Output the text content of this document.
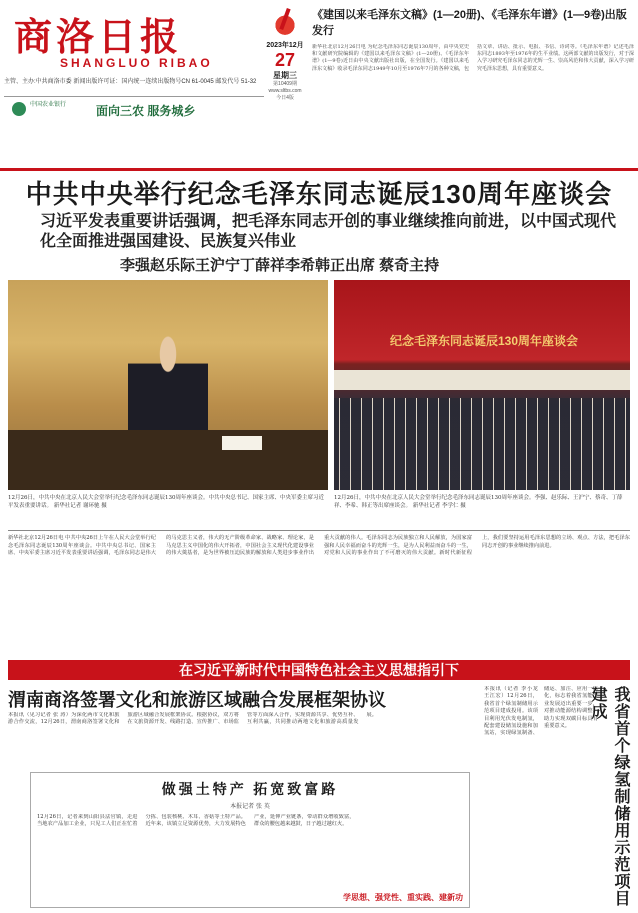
商洛日报
SHANGLUO RIBAO
主管、主办:中共商洛市委 新闻出版许可证：国内统一连续出版物号CN 61-0045 邮发代号 51-32
中国农业银行	面向三农 服务城乡
2023年12月
27
星期三
第10409期
www.sltbs.com
今日4版
《建国以来毛泽东文稿》(1—20册)、《毛泽东年谱》(1—9卷)出版发行
新华社北京12月26日电 为纪念毛泽东同志诞辰130周年，由中央党史和文献研究院编辑的《建国以来毛泽东文稿》(1—20册)、《毛泽东年谱》(1—9卷)近日由中央文献出版社出版，在全国发行。《建国以来毛泽东文稿》收录毛泽东同志1949年10月至1976年7月的各种文稿，包括文章、讲话、批示、电报、书信、诗词等。《毛泽东年谱》记述毛泽东同志1893年至1976年的生平业绩。这两部文献的出版发行，对于深入学习研究毛泽东同志的光辉一生、崇高风范和伟大贡献，深入学习研究毛泽东思想，具有重要意义。
中共中央举行纪念毛泽东同志诞辰130周年座谈会
习近平发表重要讲话强调，把毛泽东同志开创的事业继续推向前进，以中国式现代化全面推进强国建设、民族复兴伟业
李强赵乐际王沪宁丁薛祥李希韩正出席 蔡奇主持
纪念毛泽东同志诞辰130周年座谈会
12月26日，中共中央在北京人民大会堂举行纪念毛泽东同志诞辰130周年座谈会。中共中央总书记、国家主席、中央军委主席习近平发表重要讲话。 新华社记者 谢环驰 摄
12月26日，中共中央在北京人民大会堂举行纪念毛泽东同志诞辰130周年座谈会。李强、赵乐际、王沪宁、蔡奇、丁薛祥、李希、韩正等出席座谈会。 新华社记者 李学仁 摄
新华社北京12月26日电 中共中央26日上午在人民大会堂举行纪念毛泽东同志诞辰130周年座谈会。中共中央总书记、国家主席、中央军委主席习近平发表重要讲话强调，毛泽东同志是伟大的马克思主义者，伟大的无产阶级革命家、战略家、理论家，是马克思主义中国化的伟大开拓者，中国社会主义现代化建设事业的伟大奠基者，是为世界被压迫民族的解放和人类进步事业作出重大贡献的伟人。毛泽东同志为民族独立和人民解放，为国家富强和人民幸福而奋斗的光辉一生，是为人民利益而奋斗的一生，对党和人民的事业作出了不可磨灭的伟大贡献。新时代新征程上，我们要坚持运用毛泽东思想的立场、观点、方法，把毛泽东同志开创的事业继续推向前进。
在习近平新时代中国特色社会主义思想指引下
渭南商洛签署文化和旅游区域融合发展框架协议
本报讯（见习记者 张 涛）为深化两市文化和旅游合作交流，12月26日，渭南商洛签署文化和旅游区域融合发展框架协议。根据协议，双方将在文旅资源开发、线路打造、宣传推广、市场监管等方面深入合作，实现资源共享、优势互补、互利共赢，共同推动两地文化和旅游高质量发展。
做强土特产 拓宽致富路
本报记者 张 英
12月26日，记者来到山阳县法官镇，走进当地农产品加工企业，只见工人们正在忙着分拣、包装核桃、木耳、香菇等土特产品。近年来，该镇立足资源优势，大力发展特色产业，延伸产业链条，带动群众增收致富，群众的腰包越来越鼓，日子越过越红火。
学思想、强党性、重实践、建新功
本报讯（记者 李小龙 王江宏）12月26日，我省首个绿氢制储用示范项目建成投用。该项目利用光伏发电制氢，配套建设储氢设施和加氢站，实现绿氢制备、储运、加注、应用一体化，标志着我省氢能产业发展迈出重要一步，对推动能源结构调整、助力实现双碳目标具有重要意义。	我省首个绿氢制储用示范项目建成
